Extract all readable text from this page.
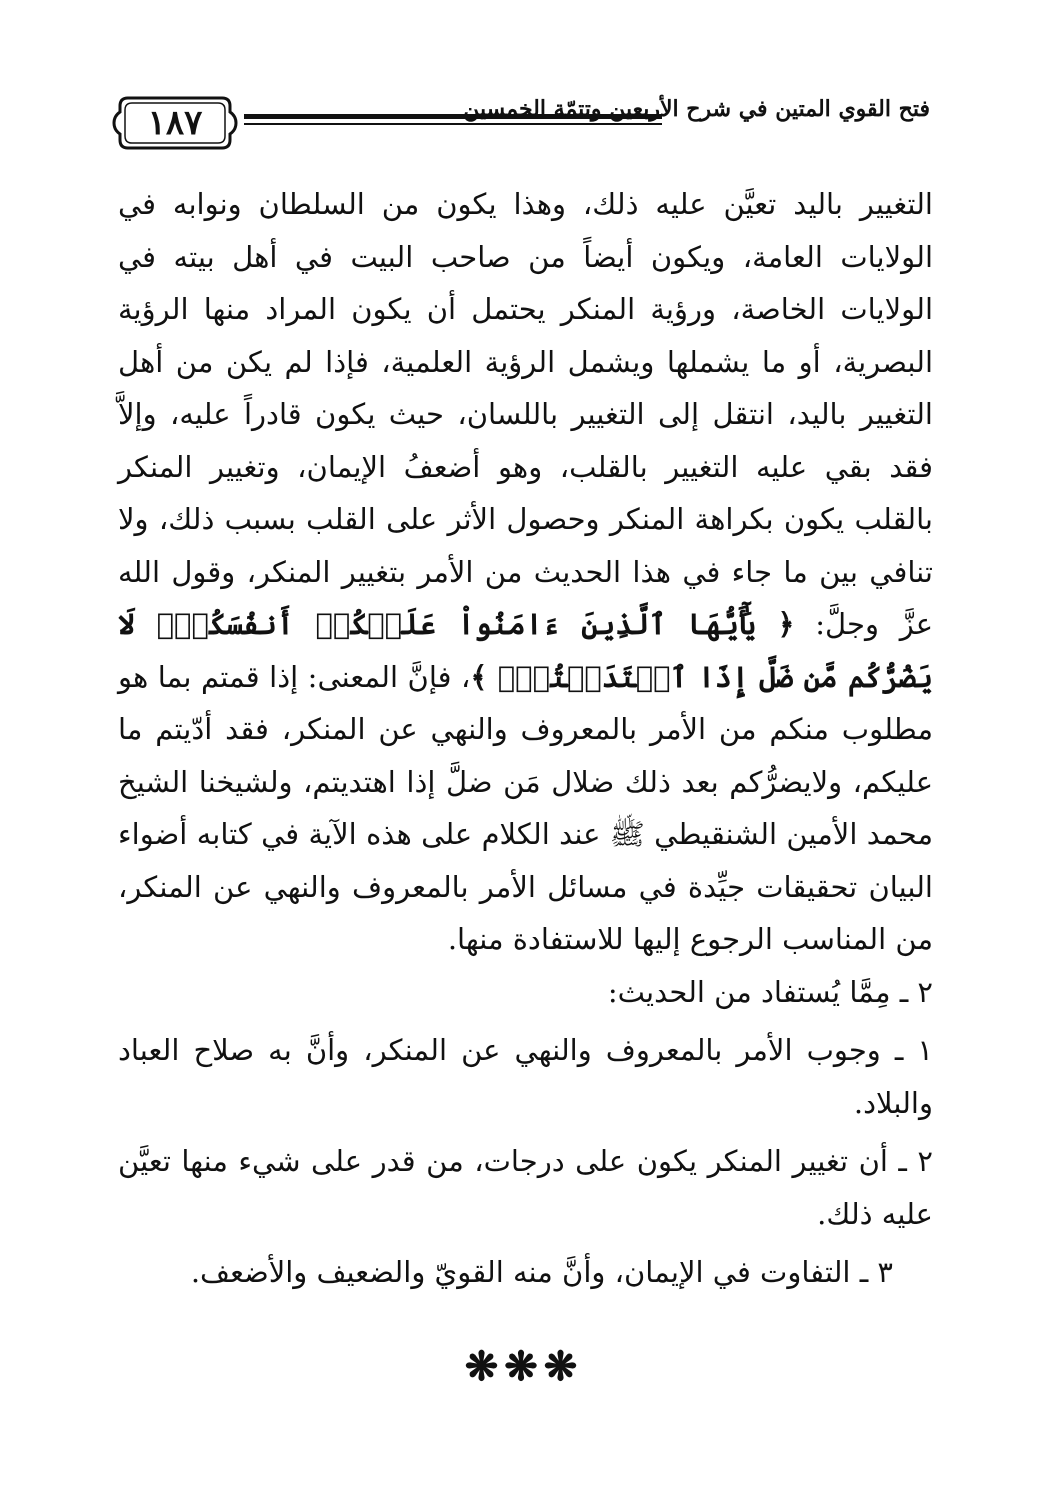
١٨٧	فتح القوي المتين في شرح الأربعين وتتمّة الخمسين

التغيير باليد تعيَّن عليه ذلك، وهذا يكون من السلطان ونوابه في الولايات العامة، ويكون أيضاً من صاحب البيت في أهل بيته في الولايات الخاصة، ورؤية المنكر يحتمل أن يكون المراد منها الرؤية البصرية، أو ما يشملها ويشمل الرؤية العلمية، فإذا لم يكن من أهل التغيير باليد، انتقل إلى التغيير باللسان، حيث يكون قادراً عليه، وإلاَّ فقد بقي عليه التغيير بالقلب، وهو أضعفُ الإيمان، وتغيير المنكر بالقلب يكون بكراهة المنكر وحصول الأثر على القلب بسبب ذلك، ولا تنافي بين ما جاء في هذا الحديث من الأمر بتغيير المنكر، وقول الله عزَّ وجلَّ: ﴿ يَٰٓأَيُّهَا ٱلَّذِينَ ءَامَنُواْ عَلَيۡكُمۡ أَنفُسَكُمۡۖ لَا يَضُرُّكُم مَّن ضَلَّ إِذَا ٱهۡتَدَيۡتُمۡۚ ﴾، فإنَّ المعنى: إذا قمتم بما هو مطلوب منكم من الأمر بالمعروف والنهي عن المنكر، فقد أدّيتم ما عليكم، ولايضرُّكم بعد ذلك ضلال مَن ضلَّ إذا اهتديتم، ولشيخنا الشيخ محمد الأمين الشنقيطي ﷺ عند الكلام على هذه الآية في كتابه أضواء البيان تحقيقات جيِّدة في مسائل الأمر بالمعروف والنهي عن المنكر، من المناسب الرجوع إليها للاستفادة منها.

٢ ـ مِمَّا يُستفاد من الحديث:

١ ـ وجوب الأمر بالمعروف والنهي عن المنكر، وأنَّ به صلاح العباد والبلاد.

٢ ـ أن تغيير المنكر يكون على درجات، من قدر على شيء منها تعيَّن عليه ذلك.

٣ ـ التفاوت في الإيمان، وأنَّ منه القويّ والضعيف والأضعف.

❋❋❋
